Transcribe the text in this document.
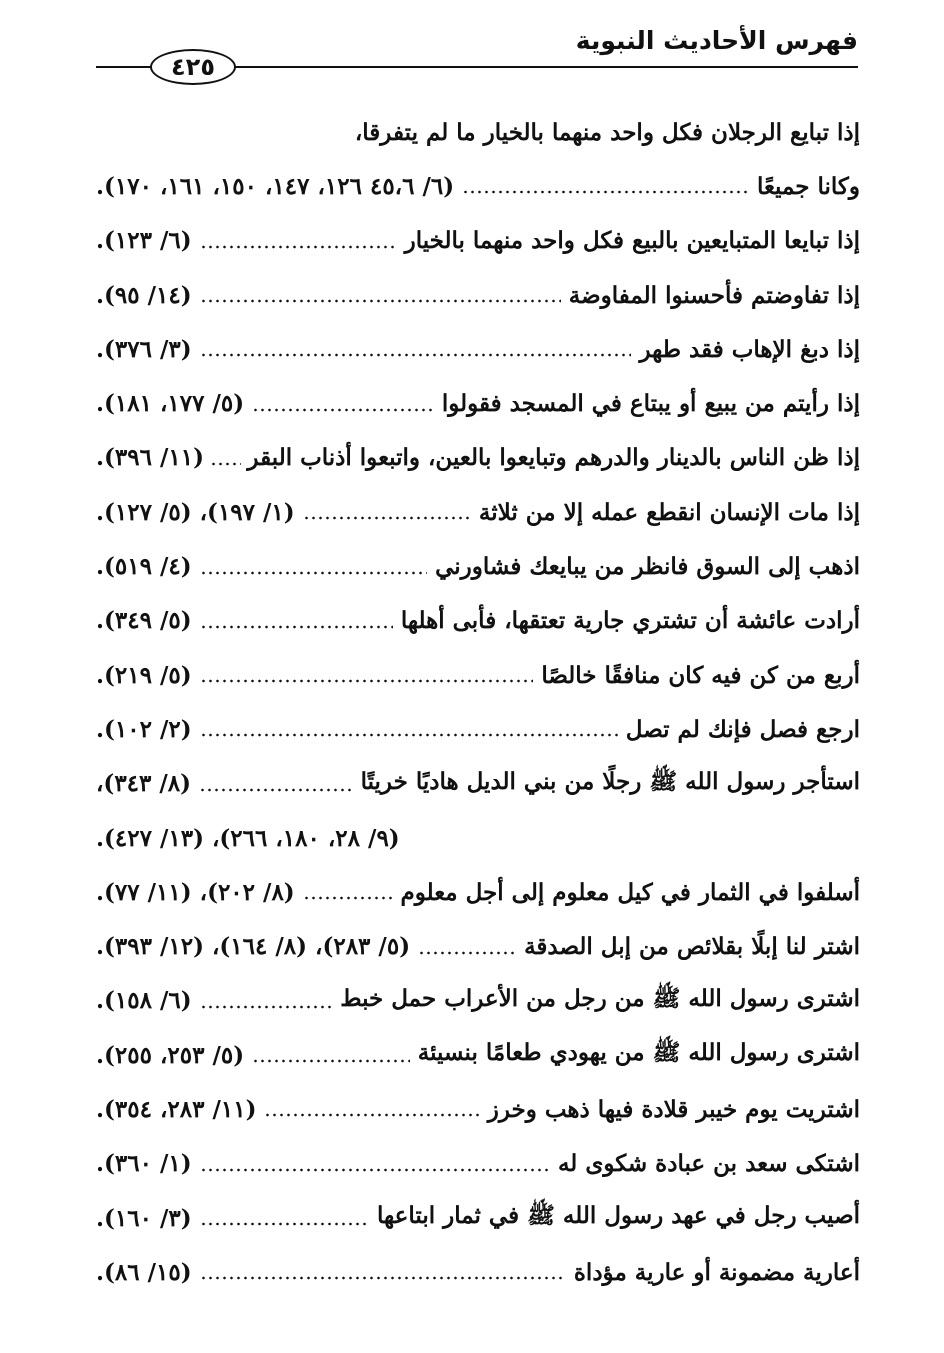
فهرس الأحاديث النبوية
٤٢٥
إذا تبايع الرجلان فكل واحد منهما بالخيار ما لم يتفرقا،
وكانا جميعًا
(٦/ ٤٥،٦ ١٢٦، ١٤٧، ١٥٠، ١٦١، ١٧٠).
إذا تبايعا المتبايعين بالبيع فكل واحد منهما بالخيار
(٦/ ١٢٣).
إذا تفاوضتم فأحسنوا المفاوضة
(١٤/ ٩٥).
إذا دبغ الإهاب فقد طهر
(٣/ ٣٧٦).
إذا رأيتم من يبيع أو يبتاع في المسجد فقولوا
(٥/ ١٧٧، ١٨١).
إذا ظن الناس بالدينار والدرهم وتبايعوا بالعين، واتبعوا أذناب البقر
(١١/ ٣٩٦).
إذا مات الإنسان انقطع عمله إلا من ثلاثة
(١/ ١٩٧)، (٥/ ١٢٧).
اذهب إلى السوق فانظر من يبايعك فشاورني
(٤/ ٥١٩).
أرادت عائشة أن تشتري جارية تعتقها، فأبى أهلها
(٥/ ٣٤٩).
أربع من كن فيه كان منافقًا خالصًا
(٥/ ٢١٩).
ارجع فصل فإنك لم تصل
(٢/ ١٠٢).
استأجر رسول الله ﷺ رجلًا من بني الديل هاديًا خريتًا
(٨/ ٣٤٣)،
(٩/ ٢٨، ١٨٠، ٢٦٦)، (١٣/ ٤٢٧).
أسلفوا في الثمار في كيل معلوم إلى أجل معلوم
(٨/ ٢٠٢)، (١١/ ٧٧).
اشتر لنا إبلًا بقلائص من إبل الصدقة
(٥/ ٢٨٣)، (٨/ ١٦٤)، (١٢/ ٣٩٣).
اشترى رسول الله ﷺ من رجل من الأعراب حمل خبط
(٦/ ١٥٨).
اشترى رسول الله ﷺ من يهودي طعامًا بنسيئة
(٥/ ٢٥٣، ٢٥٥).
اشتريت يوم خيبر قلادة فيها ذهب وخرز
(١١/ ٢٨٣، ٣٥٤).
اشتكى سعد بن عبادة شكوى له
(١/ ٣٦٠).
أصيب رجل في عهد رسول الله ﷺ في ثمار ابتاعها
(٣/ ١٦٠).
أعارية مضمونة أو عارية مؤداة
(١٥/ ٨٦).
